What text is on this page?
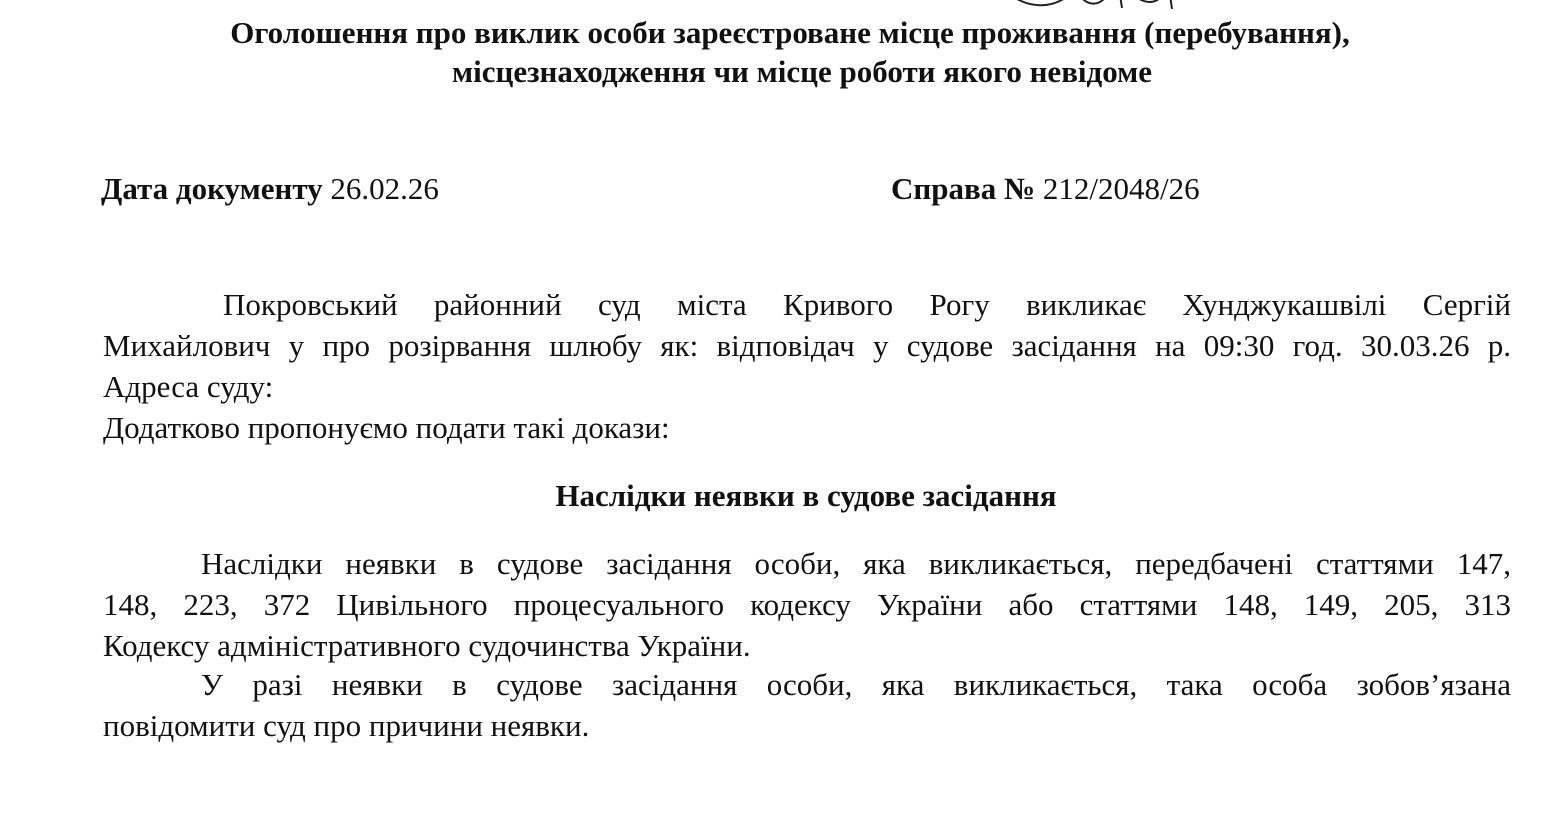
Оголошення про виклик особи зареєстроване місце проживання (перебування),
місцезнаходження чи місце роботи якого невідоме
Дата документу 26.02.26	Справа № 212/2048/26
Покровський районний суд міста Кривого Рогу викликає Хунджукашвілі Сергій
Михайлович у про розірвання шлюбу як: відповідач у судове засідання на 09:30 год. 30.03.26 р.
Адреса суду:
Додатково пропонуємо подати такі докази:
Наслідки неявки в судове засідання
Наслідки неявки в судове засідання особи, яка викликається, передбачені статтями 147,
148, 223, 372 Цивільного процесуального кодексу України або статтями 148, 149, 205, 313
Кодексу адміністративного судочинства України.
У разі неявки в судове засідання особи, яка викликається, така особа зобов’язана
повідомити суд про причини неявки.
